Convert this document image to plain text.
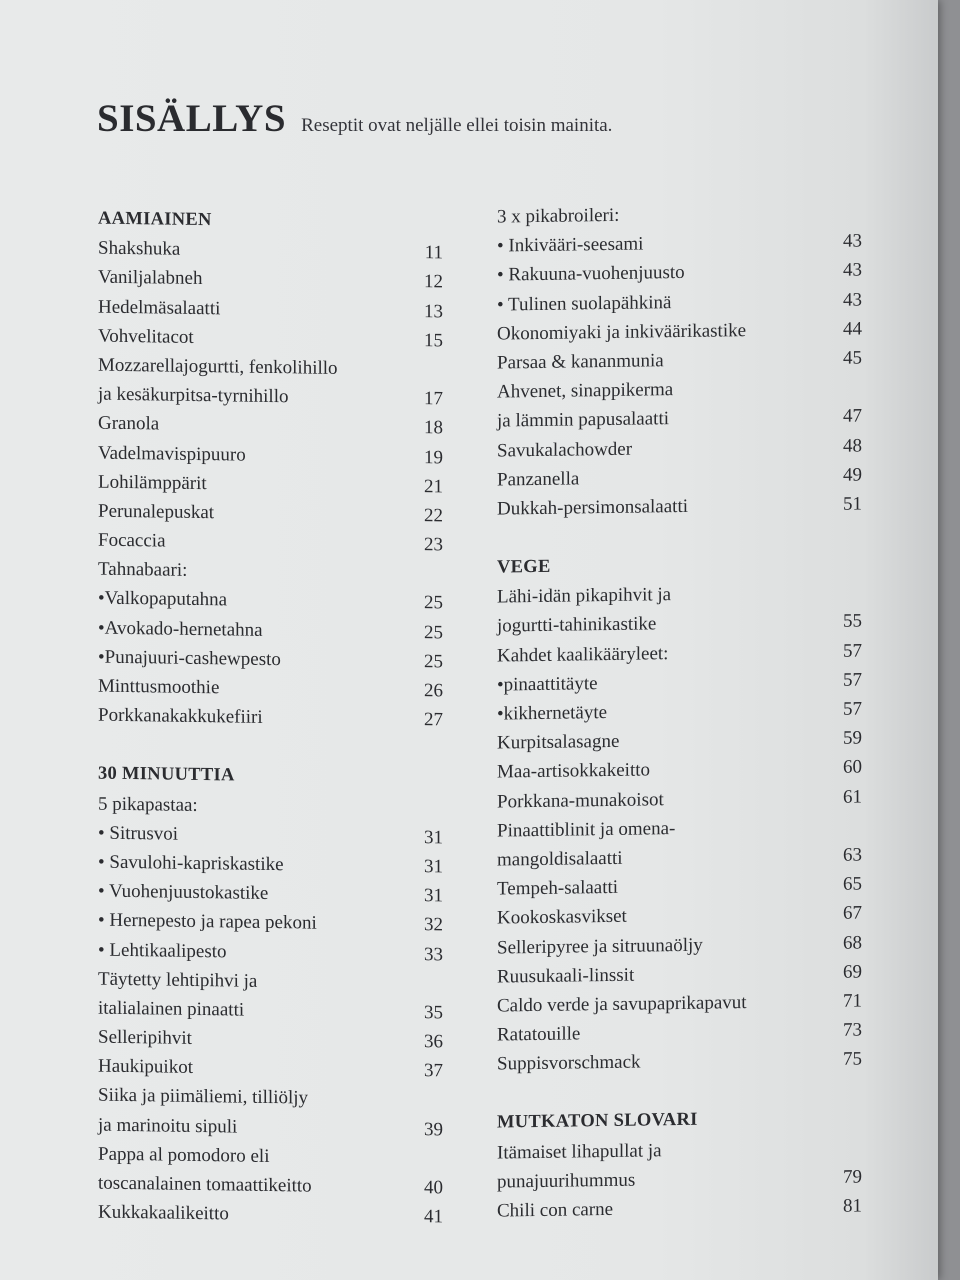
SISÄLLYS Reseptit ovat neljälle ellei toisin mainita.
AAMIAINEN
Shakshuka	11
Vaniljalabneh	12
Hedelmäsalaatti	13
Vohvelitacot	15
Mozzarellajogurtti, fenkolihillo
ja kesäkurpitsa-tyrnihillo	17
Granola	18
Vadelmavispipuuro	19
Lohilämppärit	21
Perunalepuskat	22
Focaccia	23
Tahnabaari:
•Valkopaputahna	25
•Avokado-hernetahna	25
•Punajuuri-cashewpesto	25
Minttusmoothie	26
Porkkanakakkukefiiri	27
30 MINUUTTIA
5 pikapastaa:
• Sitrusvoi	31
• Savulohi-kapriskastike	31
• Vuohenjuustokastike	31
• Hernepesto ja rapea pekoni	32
• Lehtikaalipesto	33
Täytetty lehtipihvi ja
italialainen pinaatti	35
Selleripihvit	36
Haukipuikot	37
Siika ja piimäliemi, tilliöljy
ja marinoitu sipuli	39
Pappa al pomodoro eli
toscanalainen tomaattikeitto	40
Kukkakaalikeitto	41
3 x pikabroileri:
• Inkivääri-seesami	43
• Rakuuna-vuohenjuusto	43
• Tulinen suolapähkinä	43
Okonomiyaki ja inkiväärikastike	44
Parsaa & kananmunia	45
Ahvenet, sinappikerma
ja lämmin papusalaatti	47
Savukalachowder	48
Panzanella	49
Dukkah-persimonsalaatti	51
VEGE
Lähi-idän pikapihvit ja
jogurtti-tahinikastike	55
Kahdet kaalikääryleet:	57
•pinaattitäyte	57
•kikhernetäyte	57
Kurpitsalasagne	59
Maa-artisokkakeitto	60
Porkkana-munakoisot	61
Pinaattiblinit ja omena-
mangoldisalaatti	63
Tempeh-salaatti	65
Kookoskasvikset	67
Selleripyree ja sitruunaöljy	68
Ruusukaali-linssit	69
Caldo verde ja savupaprikapavut	71
Ratatouille	73
Suppisvorschmack	75
MUTKATON SLOVARI
Itämaiset lihapullat ja
punajuurihummus	79
Chili con carne	81
